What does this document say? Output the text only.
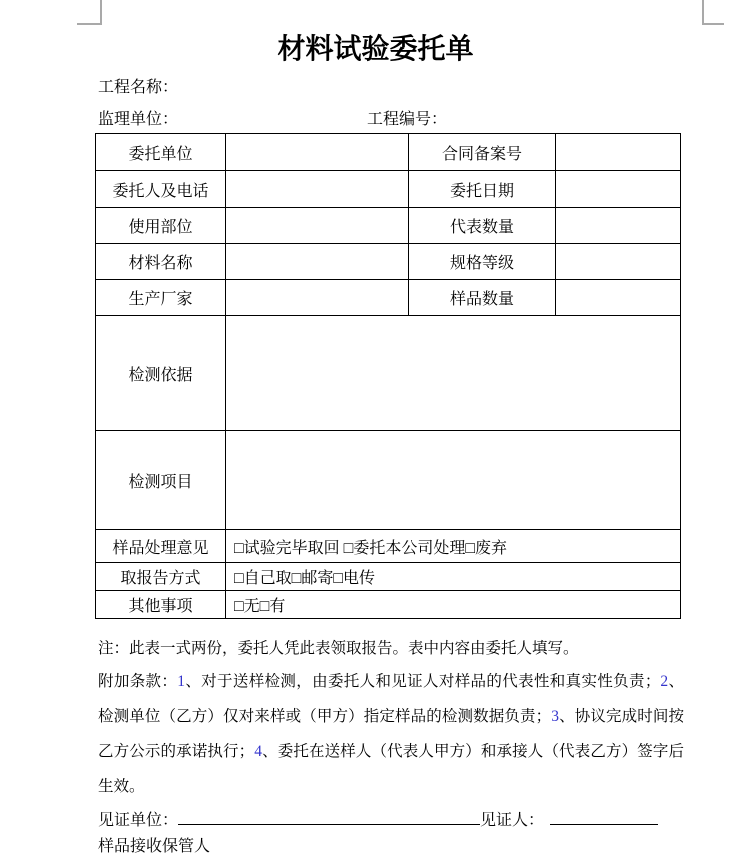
材料试验委托单
工程名称：
监理单位：	工程编号：
委托单位		合同备案号	
委托人及电话		委托日期	
使用部位		代表数量	
材料名称		规格等级	
生产厂家		样品数量	
检测依据			
检测项目			
样品处理意见	□试验完毕取回 □委托本公司处理□废弃		
取报告方式	□自己取□邮寄□电传		
其他事项	□无□有		
注：此表一式两份，委托人凭此表领取报告。表中内容由委托人填写。
附加条款：1、对于送样检测，由委托人和见证人对样品的代表性和真实性负责；2、检测单位（乙方）仅对来样或（甲方）指定样品的检测数据负责；3、协议完成时间按乙方公示的承诺执行；4、委托在送样人（代表人甲方）和承接人（代表乙方）签字后生效。
见证单位：	见证人：
样品接收保管人
